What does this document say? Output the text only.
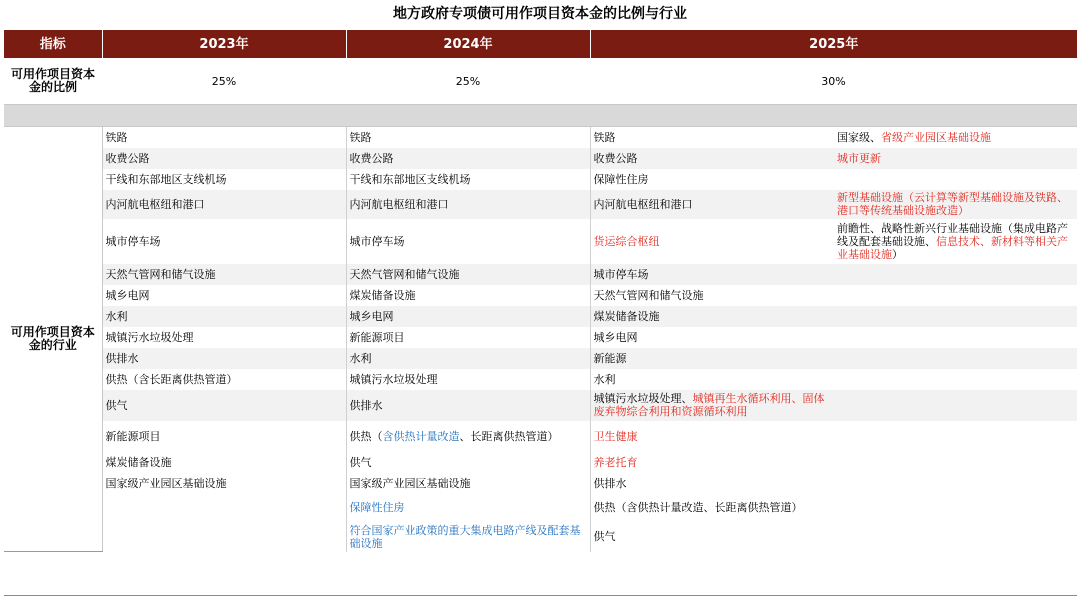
地方政府专项债可用作项目资本金的比例与行业
指标	2023年	2024年	2025年	
可用作项目资本金的比例	25%	25%	30%	

可用作项目资本金的行业	铁路	铁路	铁路	国家级、省级产业园区基础设施
	收费公路	收费公路	收费公路	城市更新
	干线和东部地区支线机场	干线和东部地区支线机场	保障性住房	
	内河航电枢纽和港口	内河航电枢纽和港口	内河航电枢纽和港口	新型基础设施（云计算等新型基础设施及铁路、港口等传统基础设施改造）
	城市停车场	城市停车场	货运综合枢纽	前瞻性、战略性新兴行业基础设施（集成电路产线及配套基础设施、信息技术、新材料等相关产业基础设施）
	天然气管网和储气设施	天然气管网和储气设施	城市停车场	
	城乡电网	煤炭储备设施	天然气管网和储气设施	
	水利	城乡电网	煤炭储备设施	
	城镇污水垃圾处理	新能源项目	城乡电网	
	供排水	水利	新能源	
	供热（含长距离供热管道）	城镇污水垃圾处理	水利	
	供气	供排水	城镇污水垃圾处理、城镇再生水循环利用、固体废弃物综合利用和资源循环利用	
	新能源项目	供热（含供热计量改造、长距离供热管道）	卫生健康	
	煤炭储备设施	供气	养老托育	
	国家级产业园区基础设施	国家级产业园区基础设施	供排水	
		保障性住房	供热（含供热计量改造、长距离供热管道）	
		符合国家产业政策的重大集成电路产线及配套基础设施	供气	
